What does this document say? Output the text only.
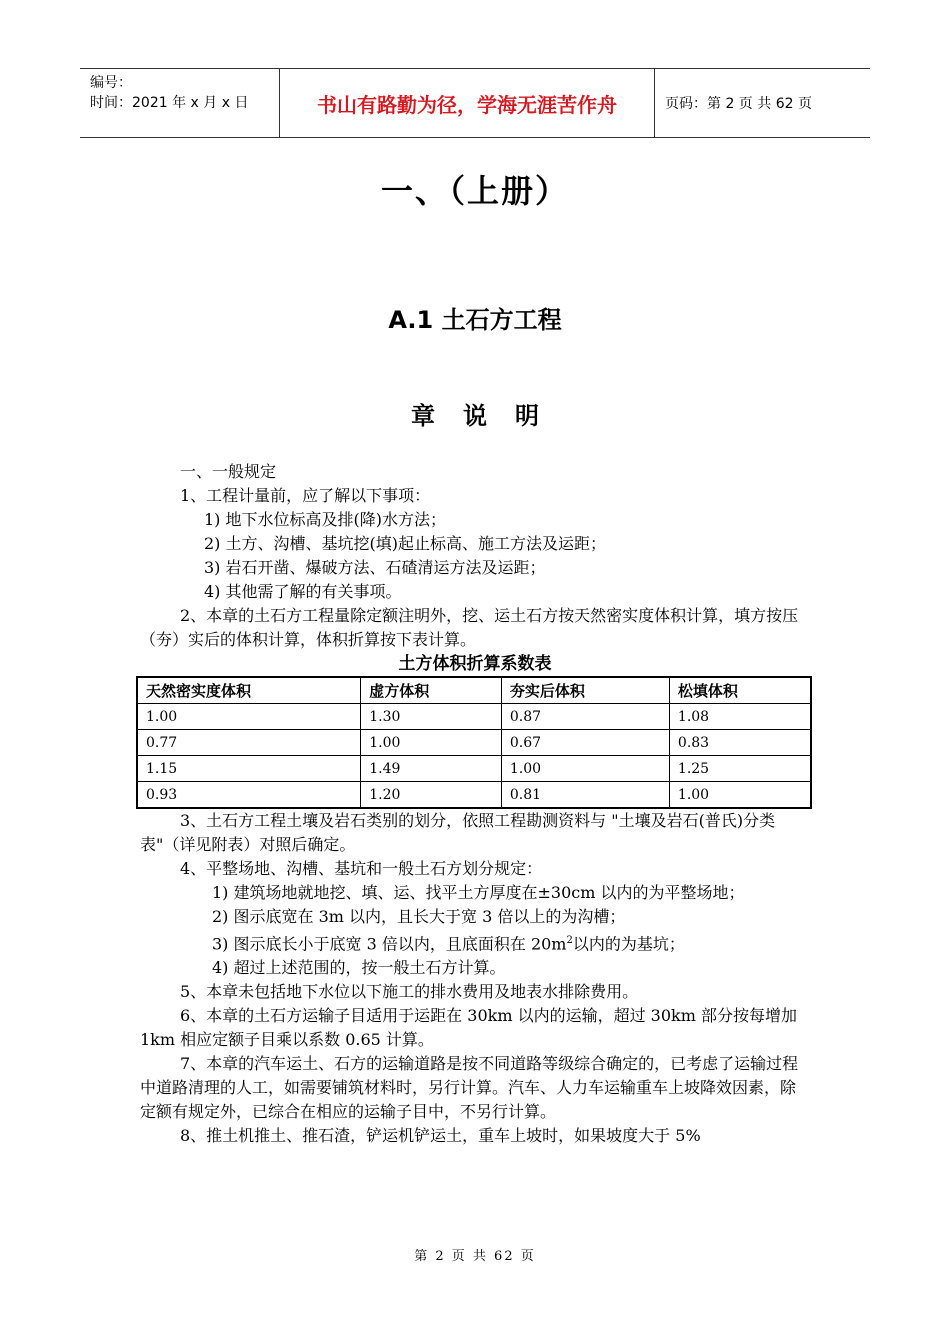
编号：
时间：2021 年 x 月 x 日	书山有路勤为径，学海无涯苦作舟	页码：第 2 页 共 62 页
一、（上册）
A.1 土石方工程
章说明

一、一般规定

1、工程计量前，应了解以下事项：

1) 地下水位标高及排(降)水方法；

2) 土方、沟槽、基坑挖(填)起止标高、施工方法及运距；

3) 岩石开凿、爆破方法、石碴清运方法及运距；

4) 其他需了解的有关事项。

2、本章的土石方工程量除定额注明外，挖、运土石方按天然密实度体积计算，填方按压（夯）实后的体积计算，体积折算按下表计算。

土方体积折算系数表
天然密实度体积	虚方体积	夯实后体积	松填体积
1.00	1.30	0.87	1.08
0.77	1.00	0.67	0.83
1.15	1.49	1.00	1.25
0.93	1.20	0.81	1.00

3、土石方工程土壤及岩石类别的划分，依照工程勘测资料与 "土壤及岩石(普氏)分类表"（详见附表）对照后确定。

4、平整场地、沟槽、基坑和一般土石方划分规定：

1) 建筑场地就地挖、填、运、找平土方厚度在±30cm 以内的为平整场地；

2) 图示底宽在 3m 以内，且长大于宽 3 倍以上的为沟槽；

3) 图示底长小于底宽 3 倍以内，且底面积在 $20m^2$以内的为基坑；

4) 超过上述范围的，按一般土石方计算。

5、本章未包括地下水位以下施工的排水费用及地表水排除费用。

6、本章的土石方运输子目适用于运距在 30km 以内的运输，超过 30km 部分按每增加 1km 相应定额子目乘以系数 0.65 计算。

7、本章的汽车运土、石方的运输道路是按不同道路等级综合确定的，已考虑了运输过程中道路清理的人工，如需要铺筑材料时，另行计算。汽车、人力车运输重车上坡降效因素，除定额有规定外，已综合在相应的运输子目中，不另行计算。

8、推土机推土、推石渣，铲运机铲运土，重车上坡时，如果坡度大于 5%

第 2 页 共 62 页
